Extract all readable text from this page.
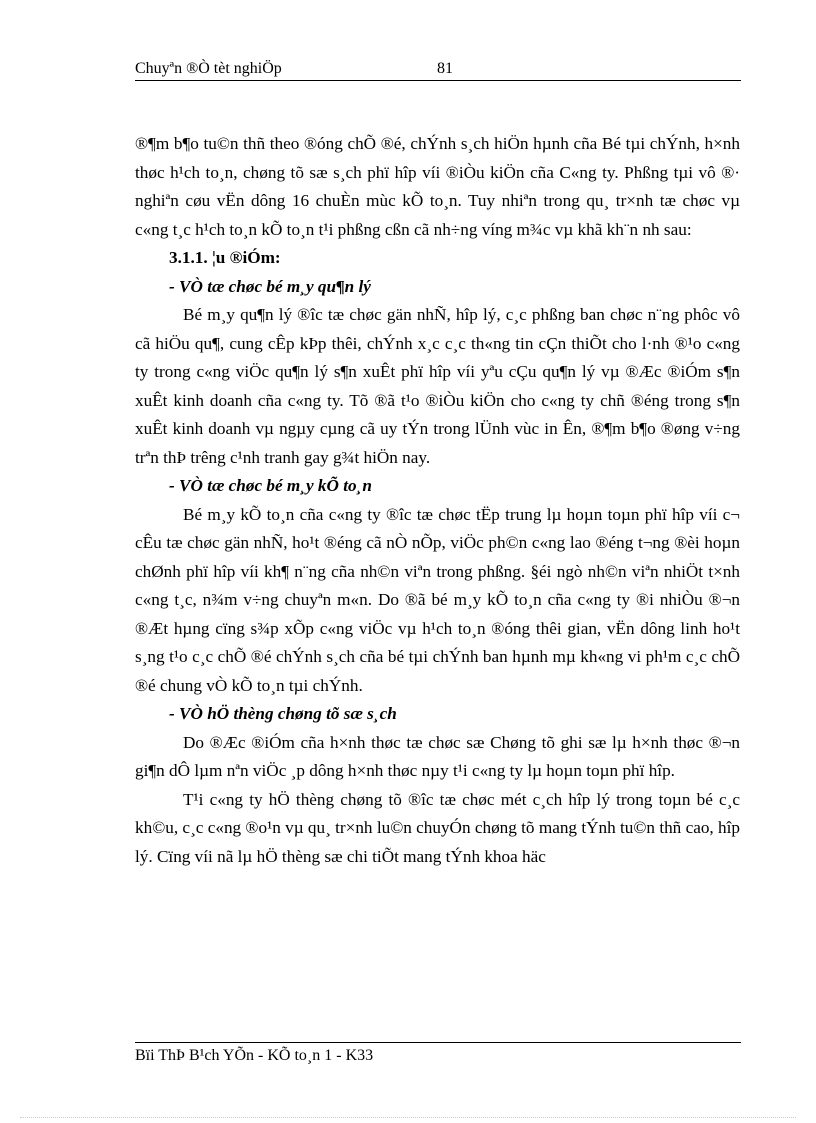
Chuyªn ®Ò tèt nghiÖp	81

®¶m b¶o tu©n thñ theo ®óng chÕ ®é, chÝnh s¸ch hiÖn hµnh cña Bé tµi chÝnh, h×nh thøc h¹ch to¸n, chøng tõ sæ s¸ch phï hîp víi ®iÒu kiÖn cña C«ng ty. Phßng tµi vô ®· nghiªn cøu vËn dông 16 chuÈn mùc kÕ to¸n. Tuy nhiªn trong qu¸ tr×nh tæ chøc vµ c«ng t¸c h¹ch to¸n kÕ to¸n t¹i phßng cßn cã nh÷ng víng m¾c vµ khã kh¨n nh sau:

3.1.1. ¦u ®iÓm:

- VÒ tæ chøc bé m¸y qu¶n lý

Bé m¸y qu¶n lý ®îc tæ chøc gän nhÑ, hîp lý, c¸c phßng ban chøc n¨ng phôc vô cã hiÖu qu¶, cung cÊp kÞp thêi, chÝnh x¸c c¸c th«ng tin cÇn thiÕt cho l·nh ®¹o c«ng ty trong c«ng viÖc qu¶n lý s¶n xuÊt phï hîp víi yªu cÇu qu¶n lý vµ ®Æc ®iÓm s¶n xuÊt kinh doanh cña c«ng ty. Tõ ®ã t¹o ®iÒu kiÖn cho c«ng ty chñ ®éng trong s¶n xuÊt kinh doanh vµ ngµy cµng cã uy tÝn trong lÜnh vùc in Ên, ®¶m b¶o ®øng v÷ng trªn thÞ trêng c¹nh tranh gay g¾t hiÖn nay.

- VÒ tæ chøc bé m¸y kÕ to¸n

Bé m¸y kÕ to¸n cña c«ng ty ®îc tæ chøc tËp trung lµ hoµn toµn phï hîp víi c¬ cÊu tæ chøc gän nhÑ, ho¹t ®éng cã nÒ nÕp, viÖc ph©n c«ng lao ®éng t¬ng ®èi hoµn chØnh phï hîp víi kh¶ n¨ng cña nh©n viªn trong phßng. §éi ngò nh©n viªn nhiÖt t×nh c«ng t¸c, n¾m v÷ng chuyªn m«n. Do ®ã bé m¸y kÕ to¸n cña c«ng ty ®i nhiÒu ®¬n ®Æt hµng cïng s¾p xÕp c«ng viÖc vµ h¹ch to¸n ®óng thêi gian, vËn dông linh ho¹t s¸ng t¹o c¸c chÕ ®é chÝnh s¸ch cña bé tµi chÝnh ban hµnh mµ kh«ng vi ph¹m c¸c chÕ ®é chung vÒ kÕ to¸n tµi chÝnh.

- VÒ hÖ thèng chøng tõ sæ s¸ch

Do ®Æc ®iÓm cña h×nh thøc tæ chøc sæ Chøng tõ ghi sæ lµ h×nh thøc ®¬n gi¶n dÔ lµm nªn viÖc ¸p dông h×nh thøc nµy t¹i c«ng ty lµ hoµn toµn phï hîp.

T¹i c«ng ty hÖ thèng chøng tõ ®îc tæ chøc mét c¸ch hîp lý trong toµn bé c¸c kh©u, c¸c c«ng ®o¹n vµ qu¸ tr×nh lu©n chuyÓn chøng tõ mang tÝnh tu©n thñ cao, hîp lý. Cïng víi nã lµ hÖ thèng sæ chi tiÕt mang tÝnh khoa häc

Bïi ThÞ B¹ch YÕn - KÕ to¸n 1 - K33
